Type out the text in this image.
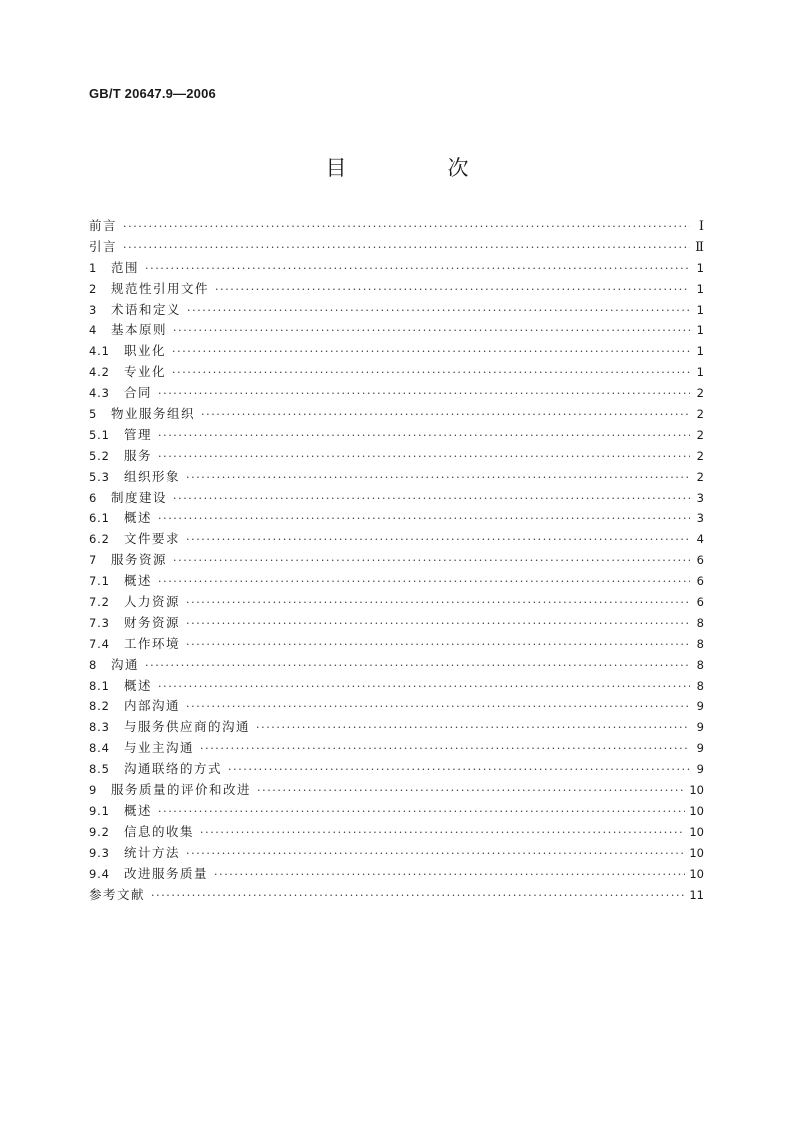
GB/T 20647.9—2006
目　次
前言 ·····	Ⅰ
引言 ·····	Ⅱ
1	范围 ·····	1
2	规范性引用文件 ·····	1
3	术语和定义 ·····	1
4	基本原则 ·····	1
4.1	职业化 ·····	1
4.2	专业化 ·····	1
4.3	合同 ·····	2
5	物业服务组织 ·····	2
5.1	管理 ·····	2
5.2	服务 ·····	2
5.3	组织形象 ·····	2
6	制度建设 ·····	3
6.1	概述 ·····	3
6.2	文件要求 ·····	4
7	服务资源 ·····	6
7.1	概述 ·····	6
7.2	人力资源 ·····	6
7.3	财务资源 ·····	8
7.4	工作环境 ·····	8
8	沟通 ·····	8
8.1	概述 ·····	8
8.2	内部沟通 ·····	9
8.3	与服务供应商的沟通 ·····	9
8.4	与业主沟通 ·····	9
8.5	沟通联络的方式 ·····	9
9	服务质量的评价和改进 ·····	10
9.1	概述 ·····	10
9.2	信息的收集 ·····	10
9.3	统计方法 ·····	10
9.4	改进服务质量 ·····	10
参考文献 ·····	11
